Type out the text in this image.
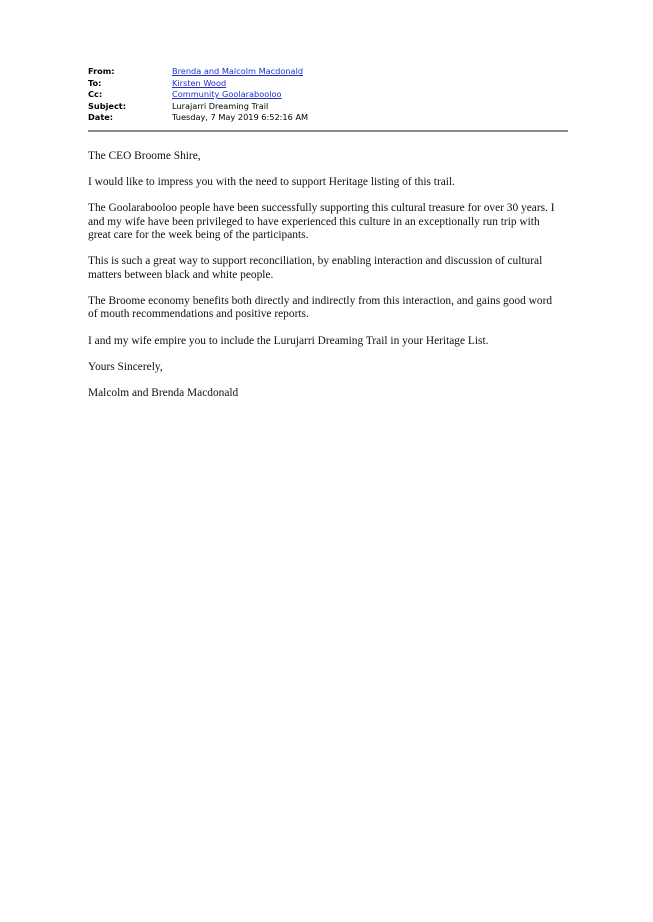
From:	Brenda and Malcolm Macdonald
To:	Kirsten Wood
Cc:	Community Goolarabooloo
Subject:	Lurajarri Dreaming Trail
Date:	Tuesday, 7 May 2019 6:52:16 AM

The CEO Broome Shire,

I would like to impress you with the need to support Heritage listing of this trail.

The Goolarabooloo people have been successfully supporting this cultural treasure for over 30 years. I and my wife have been privileged to have experienced this culture in an exceptionally run trip with great care for the week being of the participants.

This is such a great way to support reconciliation, by enabling interaction and discussion of cultural matters between black and white people.

The Broome economy benefits both directly and indirectly from this interaction, and gains good word of mouth recommendations and positive reports.

I and my wife empire you to include the Lurujarri Dreaming Trail in your Heritage List.

Yours Sincerely,

Malcolm and Brenda Macdonald
